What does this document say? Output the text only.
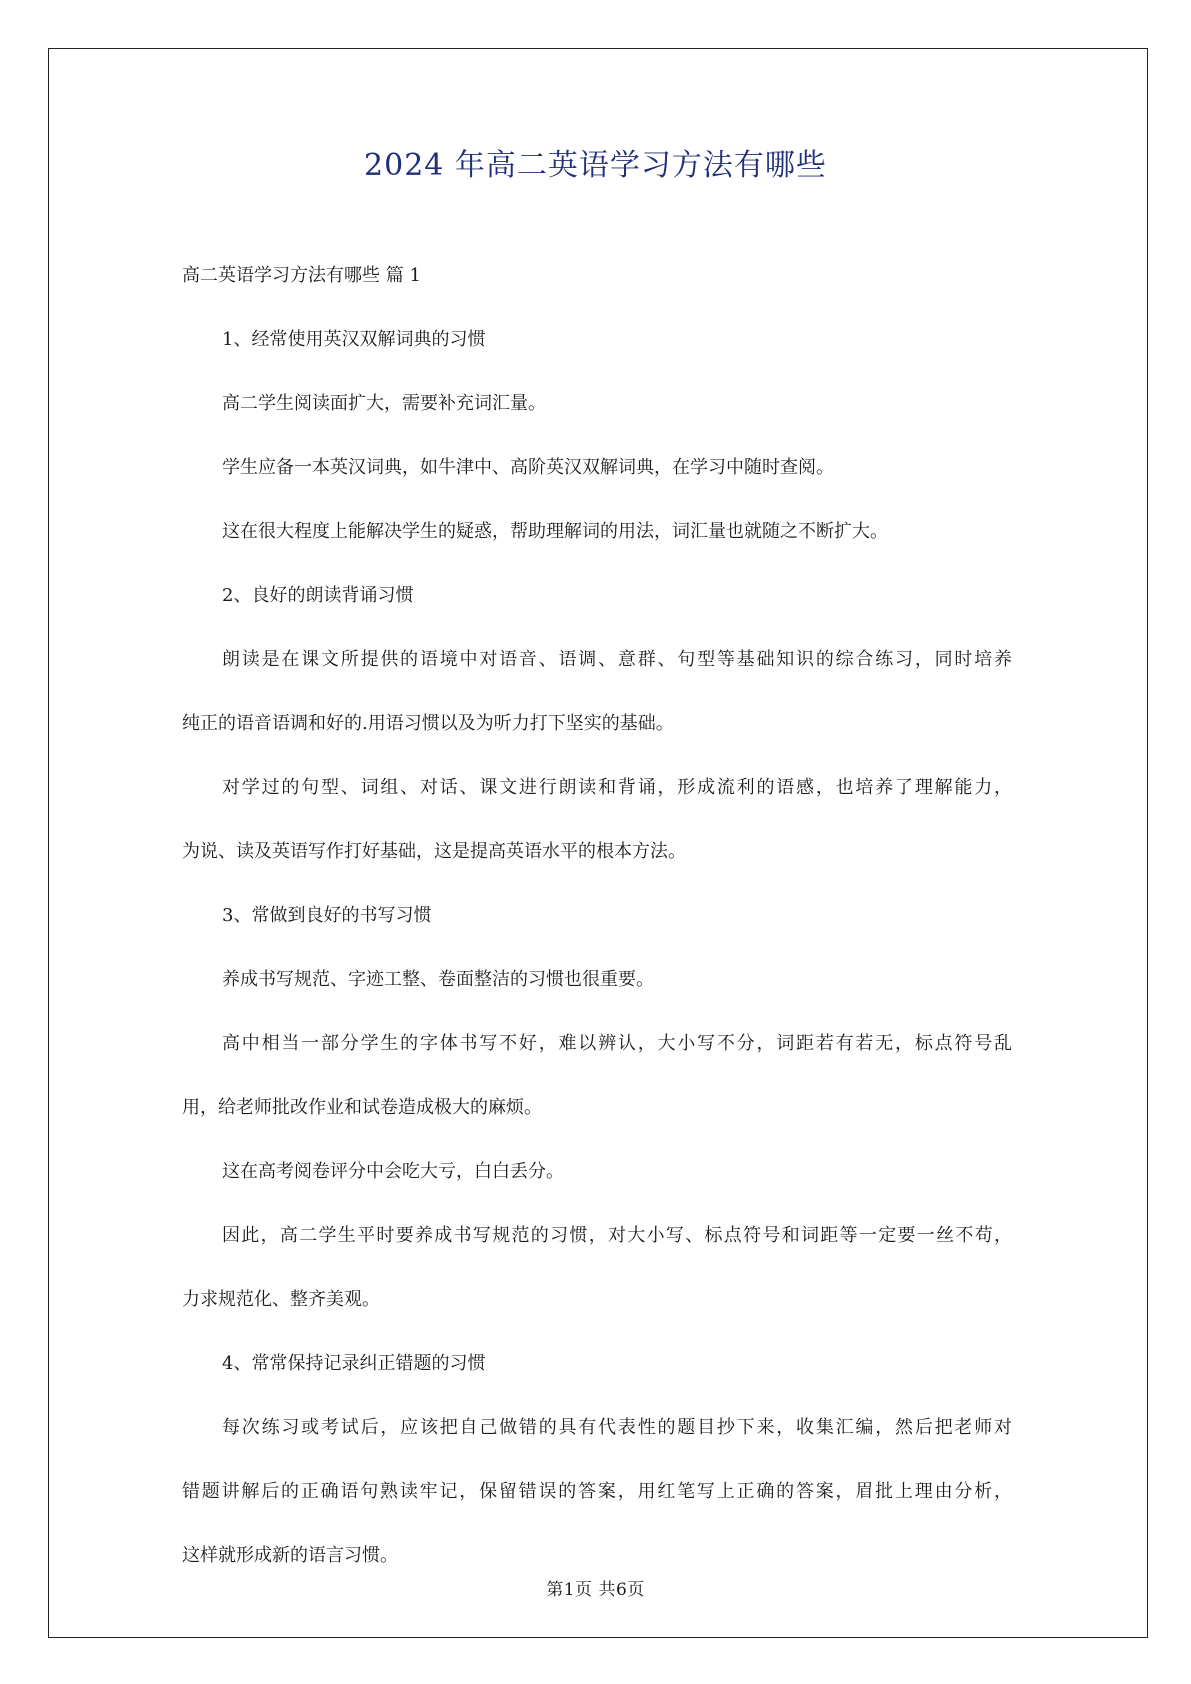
2024 年高二英语学习方法有哪些

高二英语学习方法有哪些 篇 1

1、经常使用英汉双解词典的习惯

高二学生阅读面扩大，需要补充词汇量。

学生应备一本英汉词典，如牛津中、高阶英汉双解词典，在学习中随时查阅。

这在很大程度上能解决学生的疑惑，帮助理解词的用法，词汇量也就随之不断扩大。

2、良好的朗读背诵习惯

朗读是在课文所提供的语境中对语音、语调、意群、句型等基础知识的综合练习，同时培养

纯正的语音语调和好的.用语习惯以及为听力打下坚实的基础。

对学过的句型、词组、对话、课文进行朗读和背诵，形成流利的语感，也培养了理解能力，

为说、读及英语写作打好基础，这是提高英语水平的根本方法。

3、常做到良好的书写习惯

养成书写规范、字迹工整、卷面整洁的习惯也很重要。

高中相当一部分学生的字体书写不好，难以辨认，大小写不分，词距若有若无，标点符号乱

用，给老师批改作业和试卷造成极大的麻烦。

这在高考阅卷评分中会吃大亏，白白丢分。

因此，高二学生平时要养成书写规范的习惯，对大小写、标点符号和词距等一定要一丝不苟，

力求规范化、整齐美观。

4、常常保持记录纠正错题的习惯

每次练习或考试后，应该把自己做错的具有代表性的题目抄下来，收集汇编，然后把老师对

错题讲解后的正确语句熟读牢记，保留错误的答案，用红笔写上正确的答案，眉批上理由分析，

这样就形成新的语言习惯。

第1页 共6页
